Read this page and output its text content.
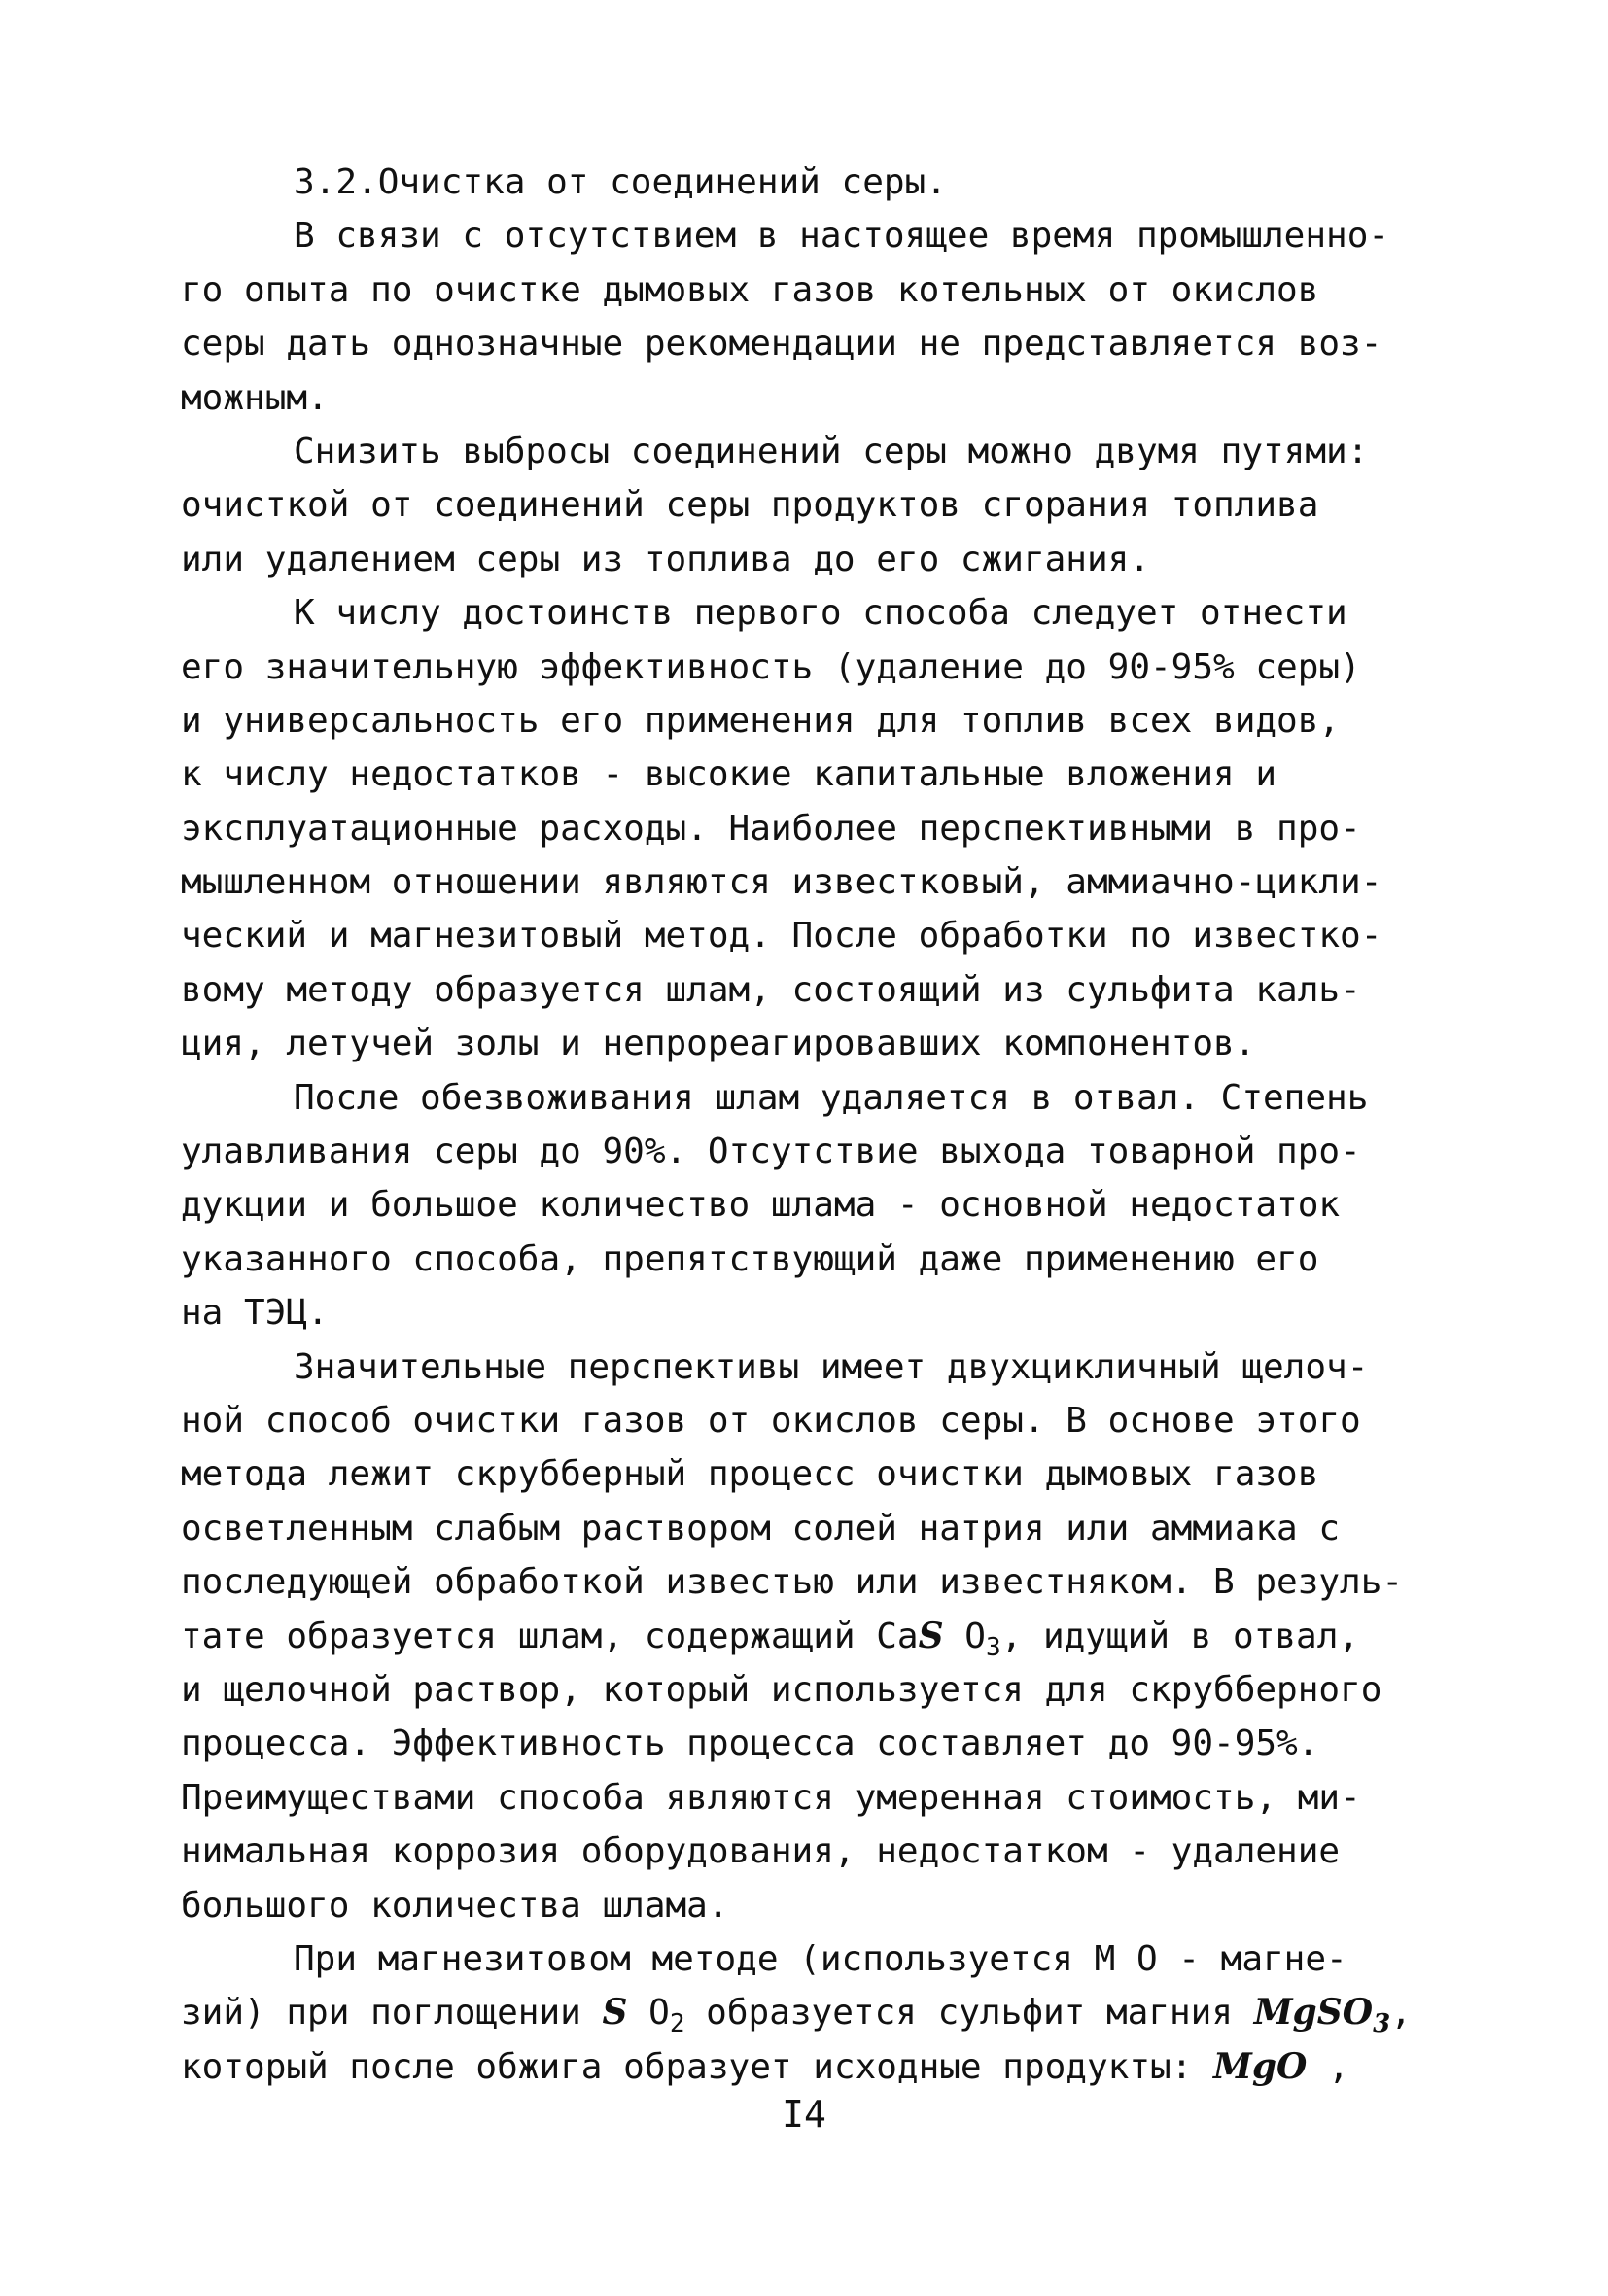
3.2.Очистка от соединений серы.
В связи с отсутствием в настоящее время промышленно-
го опыта по очистке дымовых газов котельных от окислов
серы дать однозначные рекомендации не представляется воз-
можным.
Снизить выбросы соединений серы можно двумя путями:
очисткой от соединений серы продуктов сгорания топлива
или удалением серы из топлива до его сжигания.
К числу достоинств первого способа следует отнести
его значительную эффективность (удаление до 90-95% серы)
и универсальность его применения для топлив всех видов,
к числу недостатков - высокие капитальные вложения и
эксплуатационные расходы. Наиболее перспективными в про-
мышленном отношении являются известковый, аммиачно-цикли-
ческий и магнезитовый метод. После обработки по известко-
вому методу образуется шлам, состоящий из сульфита каль-
ция, летучей золы и непрореагировавших компонентов.
После обезвоживания шлам удаляется в отвал. Степень
улавливания серы до 90%. Отсутствие выхода товарной про-
дукции и большое количество шлама - основной недостаток
указанного способа, препятствующий даже применению его
на ТЭЦ.
Значительные перспективы имеет двухцикличный щелоч-
ной способ очистки газов от окислов серы. В основе этого
метода лежит скрубберный процесс очистки дымовых газов
осветленным слабым раствором солей натрия или аммиака с
последующей обработкой известью или известняком. В резуль-
тате образуется шлам, содержащий CaS $O_3$, идущий в отвал,
и щелочной раствор, который используется для скрубберного
процесса. Эффективность процесса составляет до 90-95%.
Преимуществами способа являются умеренная стоимость, ми-
нимальная коррозия оборудования, недостатком - удаление
большого количества шлама.
При магнезитовом методе (используется М О - магне-
зий) при поглощении S $O_2$ образуется сульфит магния MgSO$_3$,
который после обжига образует исходные продукты: MgO ,
I4
